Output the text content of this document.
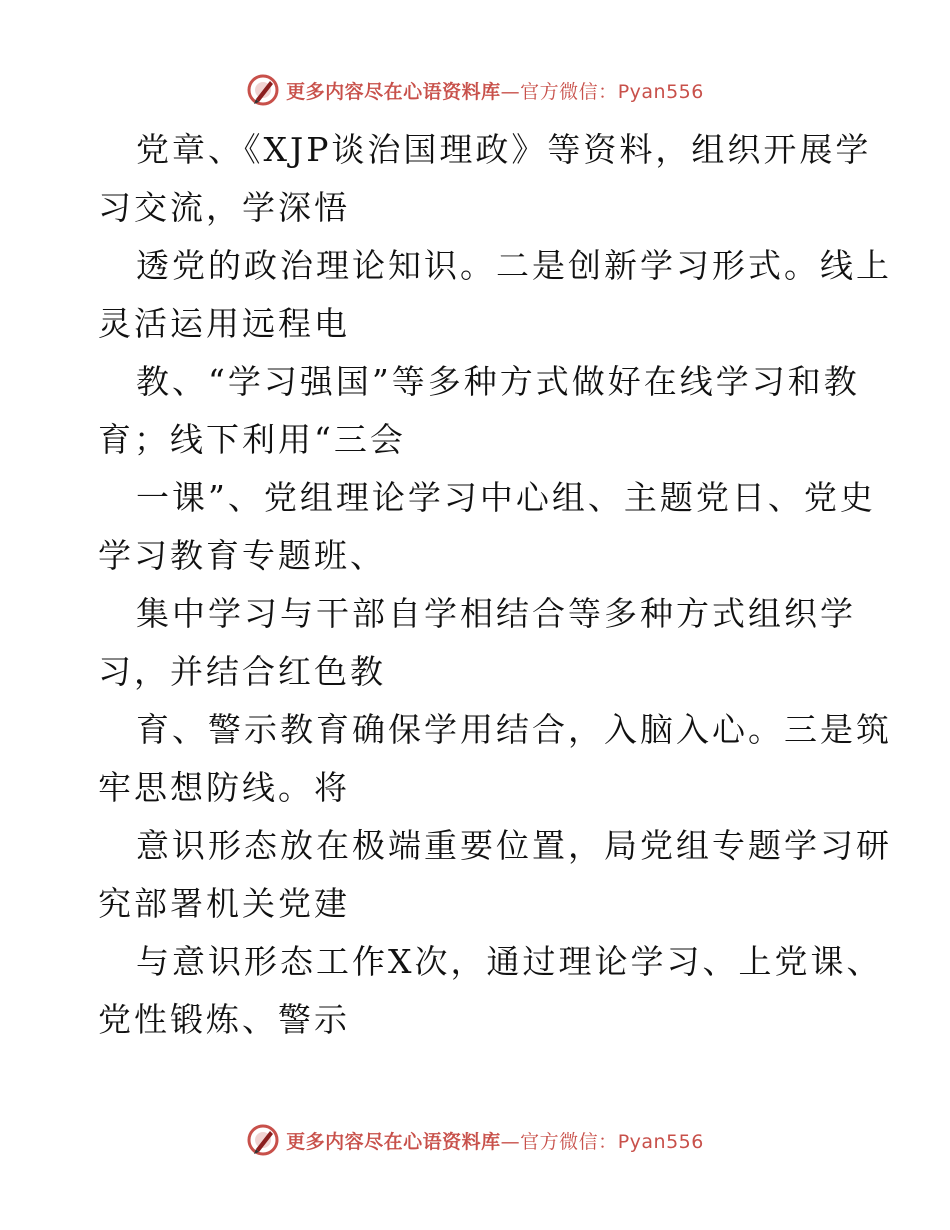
更多内容尽在心语资料库—官方微信：Pyan556
党章、《XJP谈治国理政》等资料，组织开展学
习交流，学深悟
透党的政治理论知识。二是创新学习形式。线上
灵活运用远程电
教、“学习强国”等多种方式做好在线学习和教
育；线下利用“三会
一课”、党组理论学习中心组、主题党日、党史
学习教育专题班、
集中学习与干部自学相结合等多种方式组织学
习，并结合红色教
育、警示教育确保学用结合，入脑入心。三是筑
牢思想防线。将
意识形态放在极端重要位置，局党组专题学习研
究部署机关党建
与意识形态工作X次，通过理论学习、上党课、
党性锻炼、警示
更多内容尽在心语资料库—官方微信：Pyan556
